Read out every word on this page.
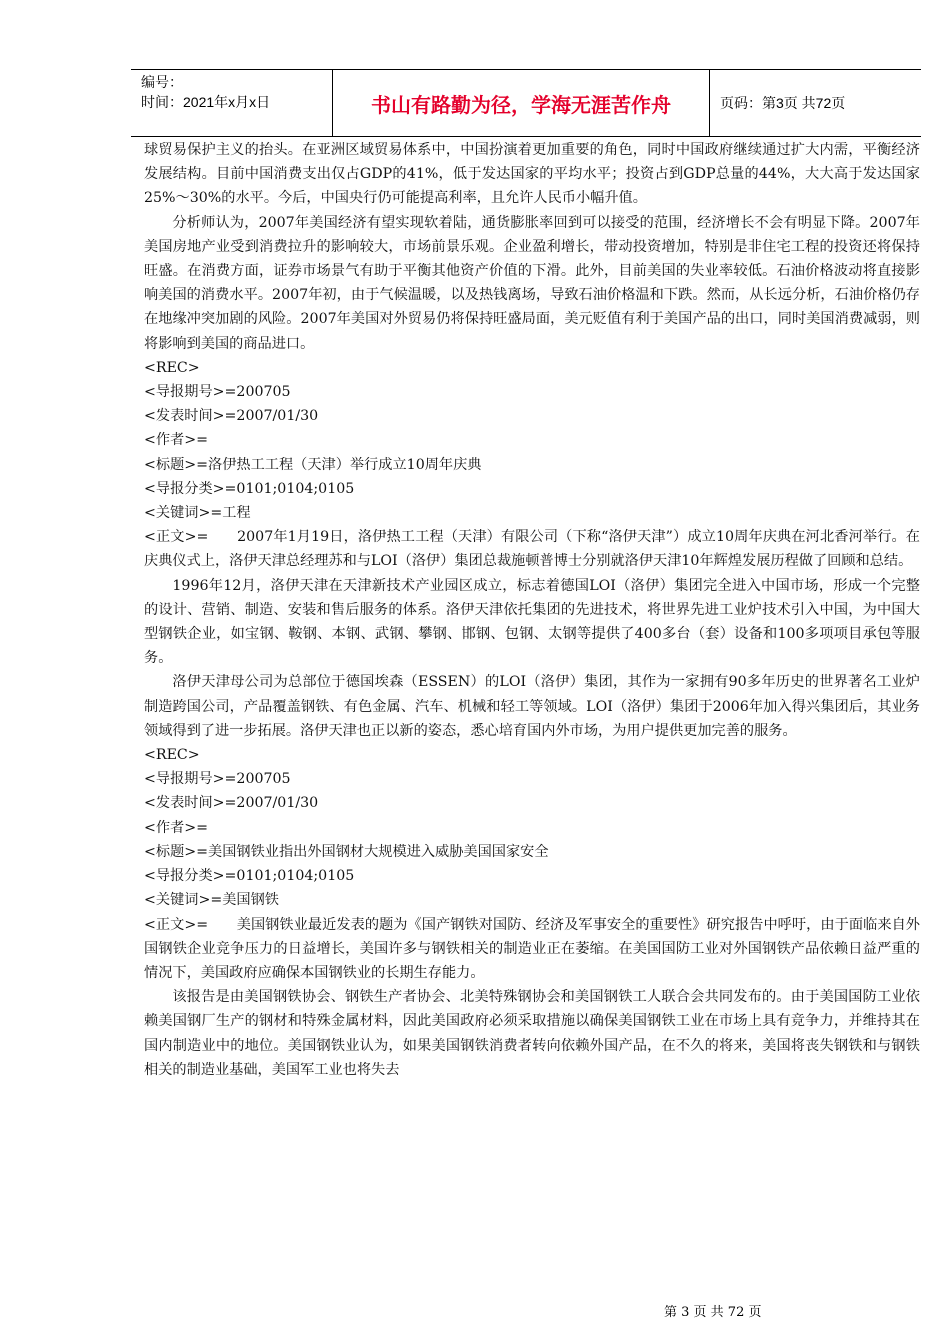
编号：
时间：2021年x月x日	书山有路勤为径，学海无涯苦作舟	页码：第3页 共72页

球贸易保护主义的抬头。在亚洲区域贸易体系中，中国扮演着更加重要的角色，同时中国政府继续通过扩大内需，平衡经济发展结构。目前中国消费支出仅占GDP的41%，低于发达国家的平均水平；投资占到GDP总量的44%，大大高于发达国家25%～30%的水平。今后，中国央行仍可能提高利率，且允许人民币小幅升值。

分析师认为，2007年美国经济有望实现软着陆，通货膨胀率回到可以接受的范围，经济增长不会有明显下降。2007年美国房地产业受到消费拉升的影响较大，市场前景乐观。企业盈利增长，带动投资增加，特别是非住宅工程的投资还将保持旺盛。在消费方面，证券市场景气有助于平衡其他资产价值的下滑。此外，目前美国的失业率较低。石油价格波动将直接影响美国的消费水平。2007年初，由于气候温暖，以及热钱离场，导致石油价格温和下跌。然而，从长远分析，石油价格仍存在地缘冲突加剧的风险。2007年美国对外贸易仍将保持旺盛局面，美元贬值有利于美国产品的出口，同时美国消费减弱，则将影响到美国的商品进口。

<REC>

<导报期号>=200705

<发表时间>=2007/01/30

<作者>=

<标题>=洛伊热工工程（天津）举行成立10周年庆典

<导报分类>=0101;0104;0105

<关键词>=工程

<正文>=　　2007年1月19日，洛伊热工工程（天津）有限公司（下称“洛伊天津”）成立10周年庆典在河北香河举行。在庆典仪式上，洛伊天津总经理苏和与LOI（洛伊）集团总裁施顿普博士分别就洛伊天津10年辉煌发展历程做了回顾和总结。

1996年12月，洛伊天津在天津新技术产业园区成立，标志着德国LOI（洛伊）集团完全进入中国市场，形成一个完整的设计、营销、制造、安装和售后服务的体系。洛伊天津依托集团的先进技术，将世界先进工业炉技术引入中国，为中国大型钢铁企业，如宝钢、鞍钢、本钢、武钢、攀钢、邯钢、包钢、太钢等提供了400多台（套）设备和100多项项目承包等服务。

洛伊天津母公司为总部位于德国埃森（ESSEN）的LOI（洛伊）集团，其作为一家拥有90多年历史的世界著名工业炉制造跨国公司，产品覆盖钢铁、有色金属、汽车、机械和轻工等领域。LOI（洛伊）集团于2006年加入得兴集团后，其业务领域得到了进一步拓展。洛伊天津也正以新的姿态，悉心培育国内外市场，为用户提供更加完善的服务。

<REC>

<导报期号>=200705

<发表时间>=2007/01/30

<作者>=

<标题>=美国钢铁业指出外国钢材大规模进入威胁美国国家安全

<导报分类>=0101;0104;0105

<关键词>=美国钢铁

<正文>=　　美国钢铁业最近发表的题为《国产钢铁对国防、经济及军事安全的重要性》研究报告中呼吁，由于面临来自外国钢铁企业竞争压力的日益增长，美国许多与钢铁相关的制造业正在萎缩。在美国国防工业对外国钢铁产品依赖日益严重的情况下，美国政府应确保本国钢铁业的长期生存能力。

该报告是由美国钢铁协会、钢铁生产者协会、北美特殊钢协会和美国钢铁工人联合会共同发布的。由于美国国防工业依赖美国钢厂生产的钢材和特殊金属材料，因此美国政府必须采取措施以确保美国钢铁工业在市场上具有竞争力，并维持其在国内制造业中的地位。美国钢铁业认为，如果美国钢铁消费者转向依赖外国产品，在不久的将来，美国将丧失钢铁和与钢铁相关的制造业基础，美国军工业也将失去

第 3 页 共 72 页
